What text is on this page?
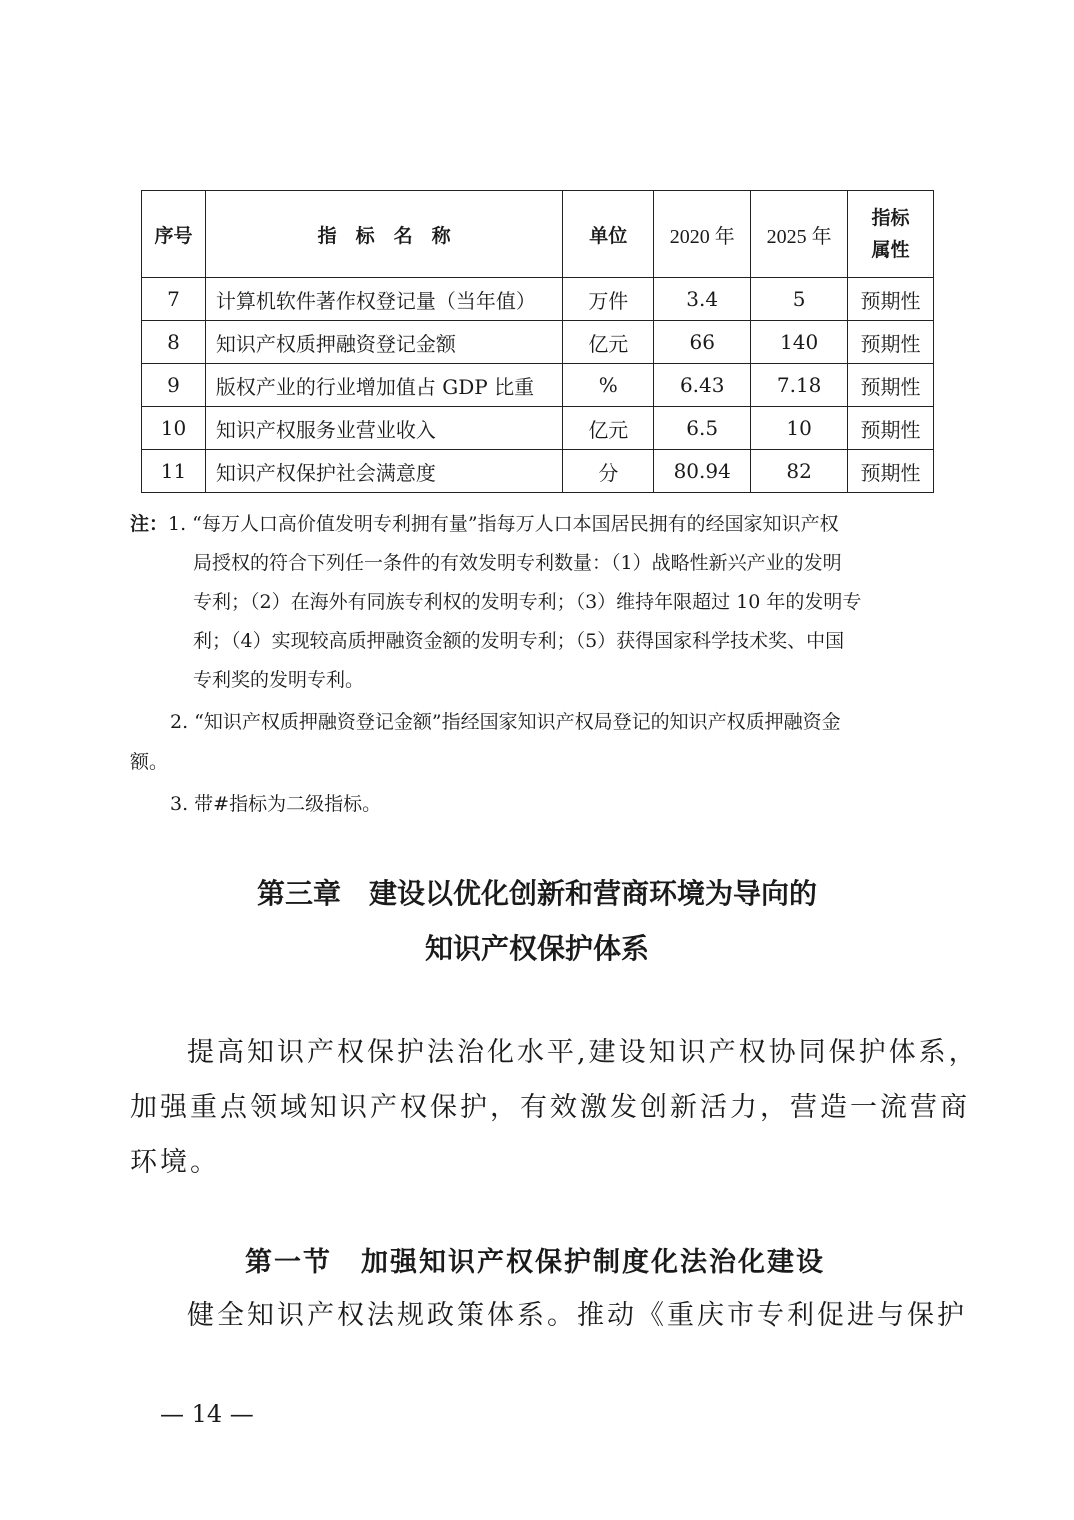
序号	指　标　名　称	单位	2020 年	2025 年	指标
属性

7	计算机软件著作权登记量（当年值）	万件	3.4	5	预期性
8	知识产权质押融资登记金额	亿元	66	140	预期性
9	版权产业的行业增加值占 GDP 比重	%	6.43	7.18	预期性
10	知识产权服务业营业收入	亿元	6.5	10	预期性
11	知识产权保护社会满意度	分	80.94	82	预期性
注：1. “每万人口高价值发明专利拥有量”指每万人口本国居民拥有的经国家知识产权
局授权的符合下列任一条件的有效发明专利数量：（1）战略性新兴产业的发明
专利；（2）在海外有同族专利权的发明专利；（3）维持年限超过 10 年的发明专
利；（4）实现较高质押融资金额的发明专利；（5）获得国家科学技术奖、中国
专利奖的发明专利。
2. “知识产权质押融资登记金额”指经国家知识产权局登记的知识产权质押融资金
额。
3. 带#指标为二级指标。
第三章　建设以优化创新和营商环境为导向的
知识产权保护体系
提高知识产权保护法治化水平,建设知识产权协同保护体系，
加强重点领域知识产权保护，有效激发创新活力，营造一流营商
环境。
第一节　加强知识产权保护制度化法治化建设
健全知识产权法规政策体系。推动《重庆市专利促进与保护
— 14 —
